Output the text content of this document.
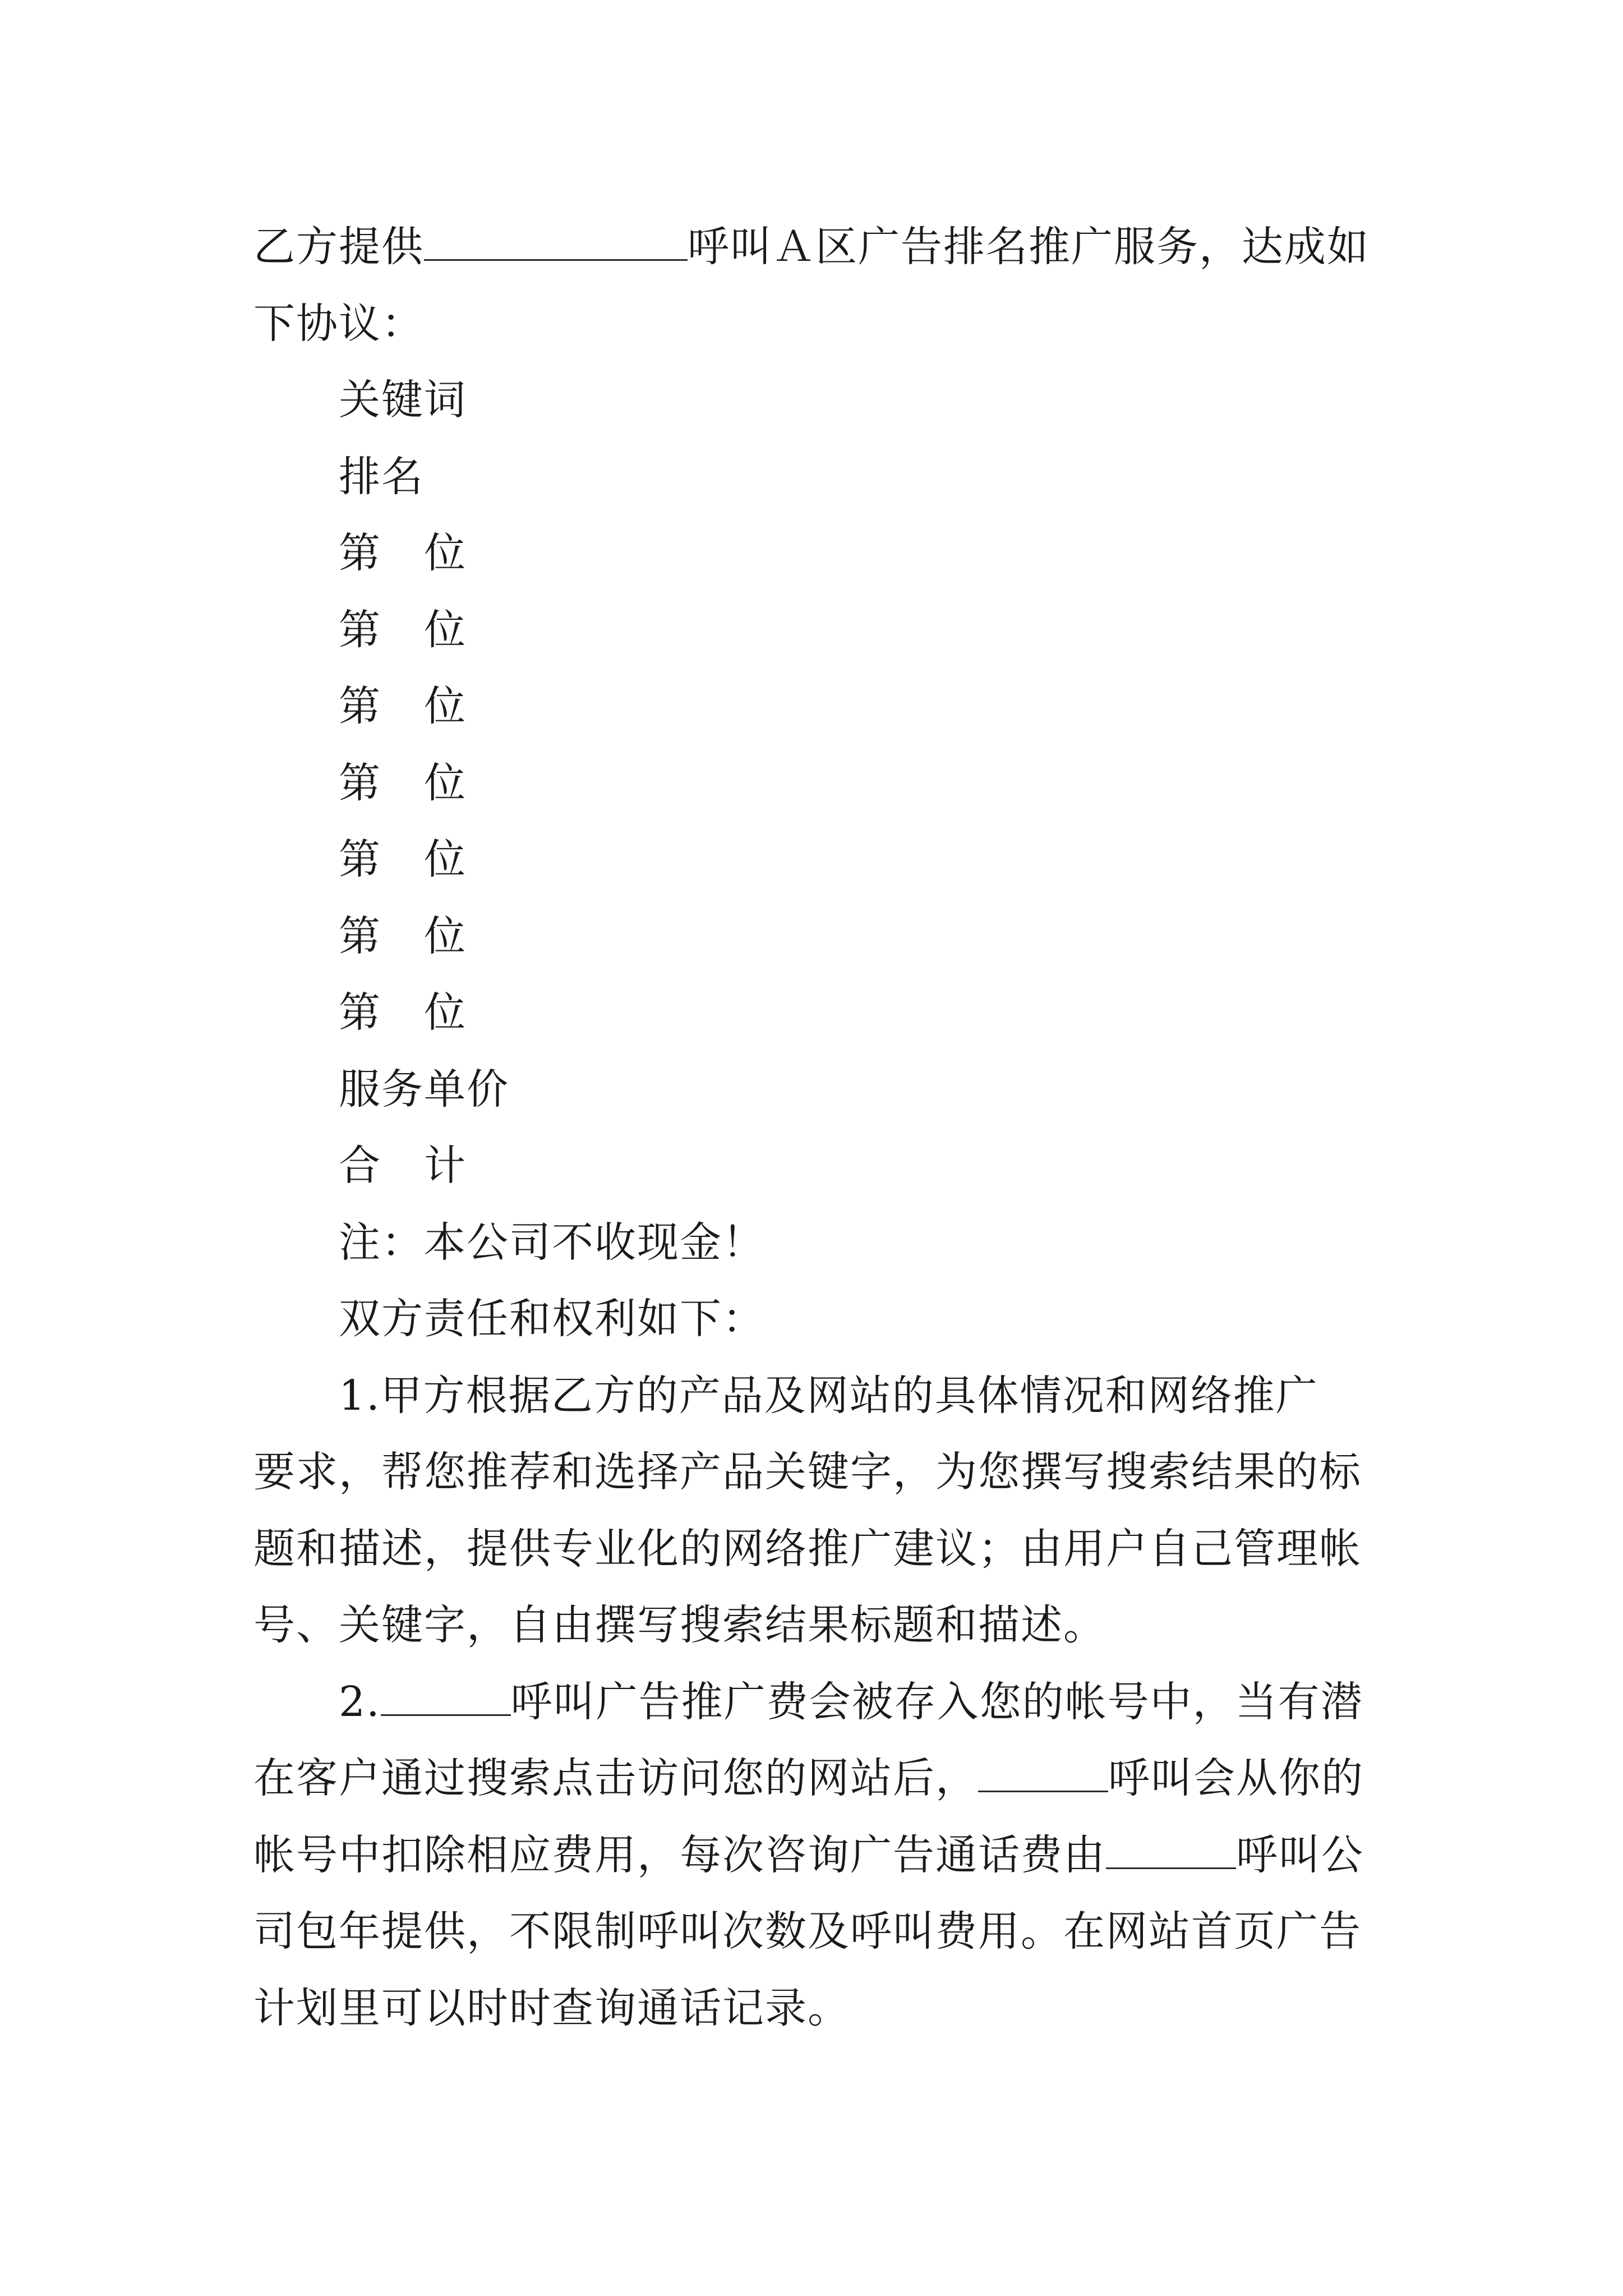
乙方提供	呼叫Ａ区广告排名推广服务，达成如
下协议：
关键词
排名
第　位
第　位
第　位
第　位
第　位
第　位
第　位
服务单价
合　计
注：本公司不收现金！
双方责任和权利如下：
1.甲方根据乙方的产品及网站的具体情况和网络推广
要求，帮您推荐和选择产品关键字，为您撰写搜索结果的标
题和描述，提供专业化的网络推广建议；由用户自己管理帐
号、关键字，自由撰写搜索结果标题和描述。
2.	呼叫广告推广费会被存入您的帐号中，当有潜
在客户通过搜索点击访问您的网站后，	呼叫会从你的
帐号中扣除相应费用，每次咨询广告通话费由	呼叫公
司包年提供，不限制呼叫次数及呼叫费用。在网站首页广告
计划里可以时时查询通话记录。
